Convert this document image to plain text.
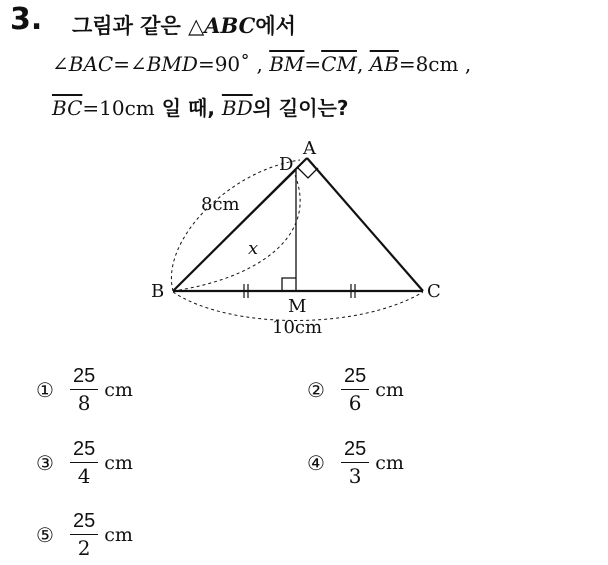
3. 그림과 같은 △ABC에서
∠BAC=∠BMD=90˚ , $\overline{BM}=\overline{CM}$, $\overline{AB}=8cm$ ,
$\overline{BC}=10cm$ 일 때, $\overline{BD}$의 길이는?
A
D
B	C
M
8cm
x
10cm
① $\frac{25}{8}$ cm	② $\frac{25}{6}$ cm
③ $\frac{25}{4}$ cm	④ $\frac{25}{3}$ cm
⑤ $\frac{25}{2}$ cm
